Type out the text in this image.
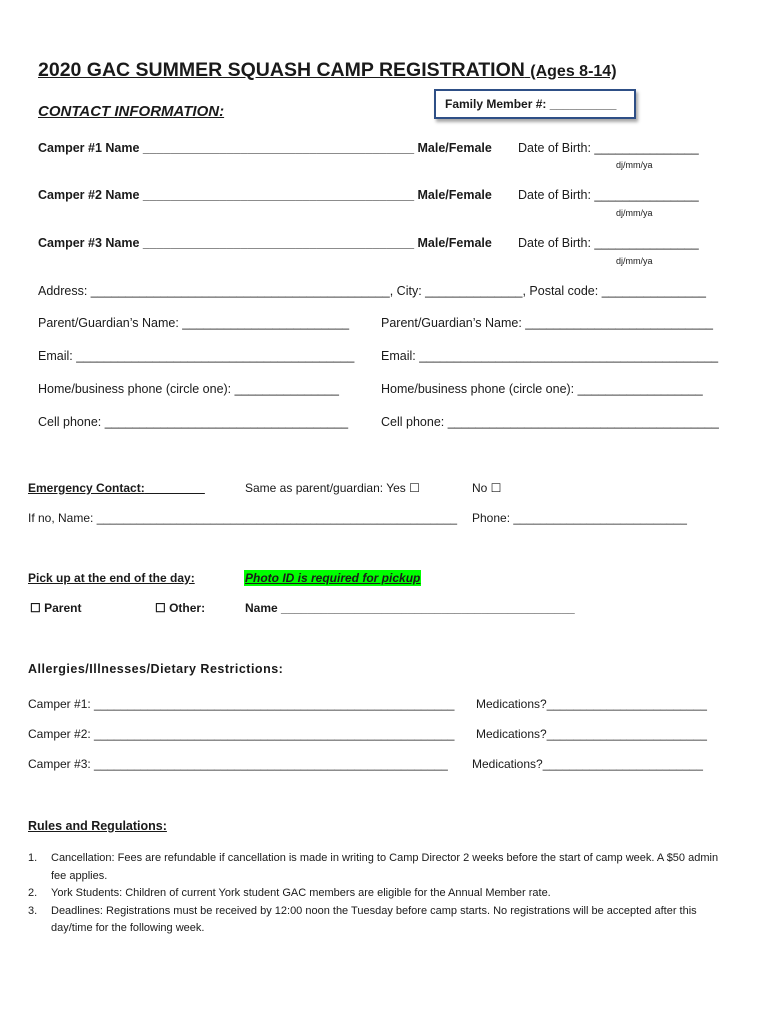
2020 GAC SUMMER SQUASH CAMP REGISTRATION (Ages 8-14)
Family Member #: __________
CONTACT INFORMATION:
Camper #1 Name _______________________________________ Male/Female Date of Birth: _______________
dj/mm/ya
Camper #2 Name _______________________________________ Male/Female Date of Birth: _______________
dj/mm/ya
Camper #3 Name _______________________________________ Male/Female Date of Birth: _______________
dj/mm/ya
Address: ___________________________________________, City: ______________, Postal code: _______________
Parent/Guardian’s Name: ________________________	Parent/Guardian’s Name: ___________________________
Email: ________________________________________ Email: ___________________________________________
Home/business phone (circle one): _______________	Home/business phone (circle one): __________________
Cell phone: ___________________________________	Cell phone: _______________________________________
Emergency Contact:_________	Same as parent/guardian: Yes ☐	No ☐
If no, Name: ______________________________________________________ Phone: __________________________
Pick up at the end of the day:	Photo ID is required for pickup
☐ Parent	☐ Other:	Name ____________________________________________
Allergies/Illnesses/Dietary Restrictions:
Camper #1: ______________________________________________________ Medications?________________________
Camper #2: ______________________________________________________ Medications?________________________
Camper #3: _____________________________________________________ Medications?________________________
Rules and Regulations:
1. Cancellation: Fees are refundable if cancellation is made in writing to Camp Director 2 weeks before the start of camp week. A $50 admin fee applies.
2. York Students: Children of current York student GAC members are eligible for the Annual Member rate.
3. Deadlines: Registrations must be received by 12:00 noon the Tuesday before camp starts. No registrations will be accepted after this day/time for the following week.
